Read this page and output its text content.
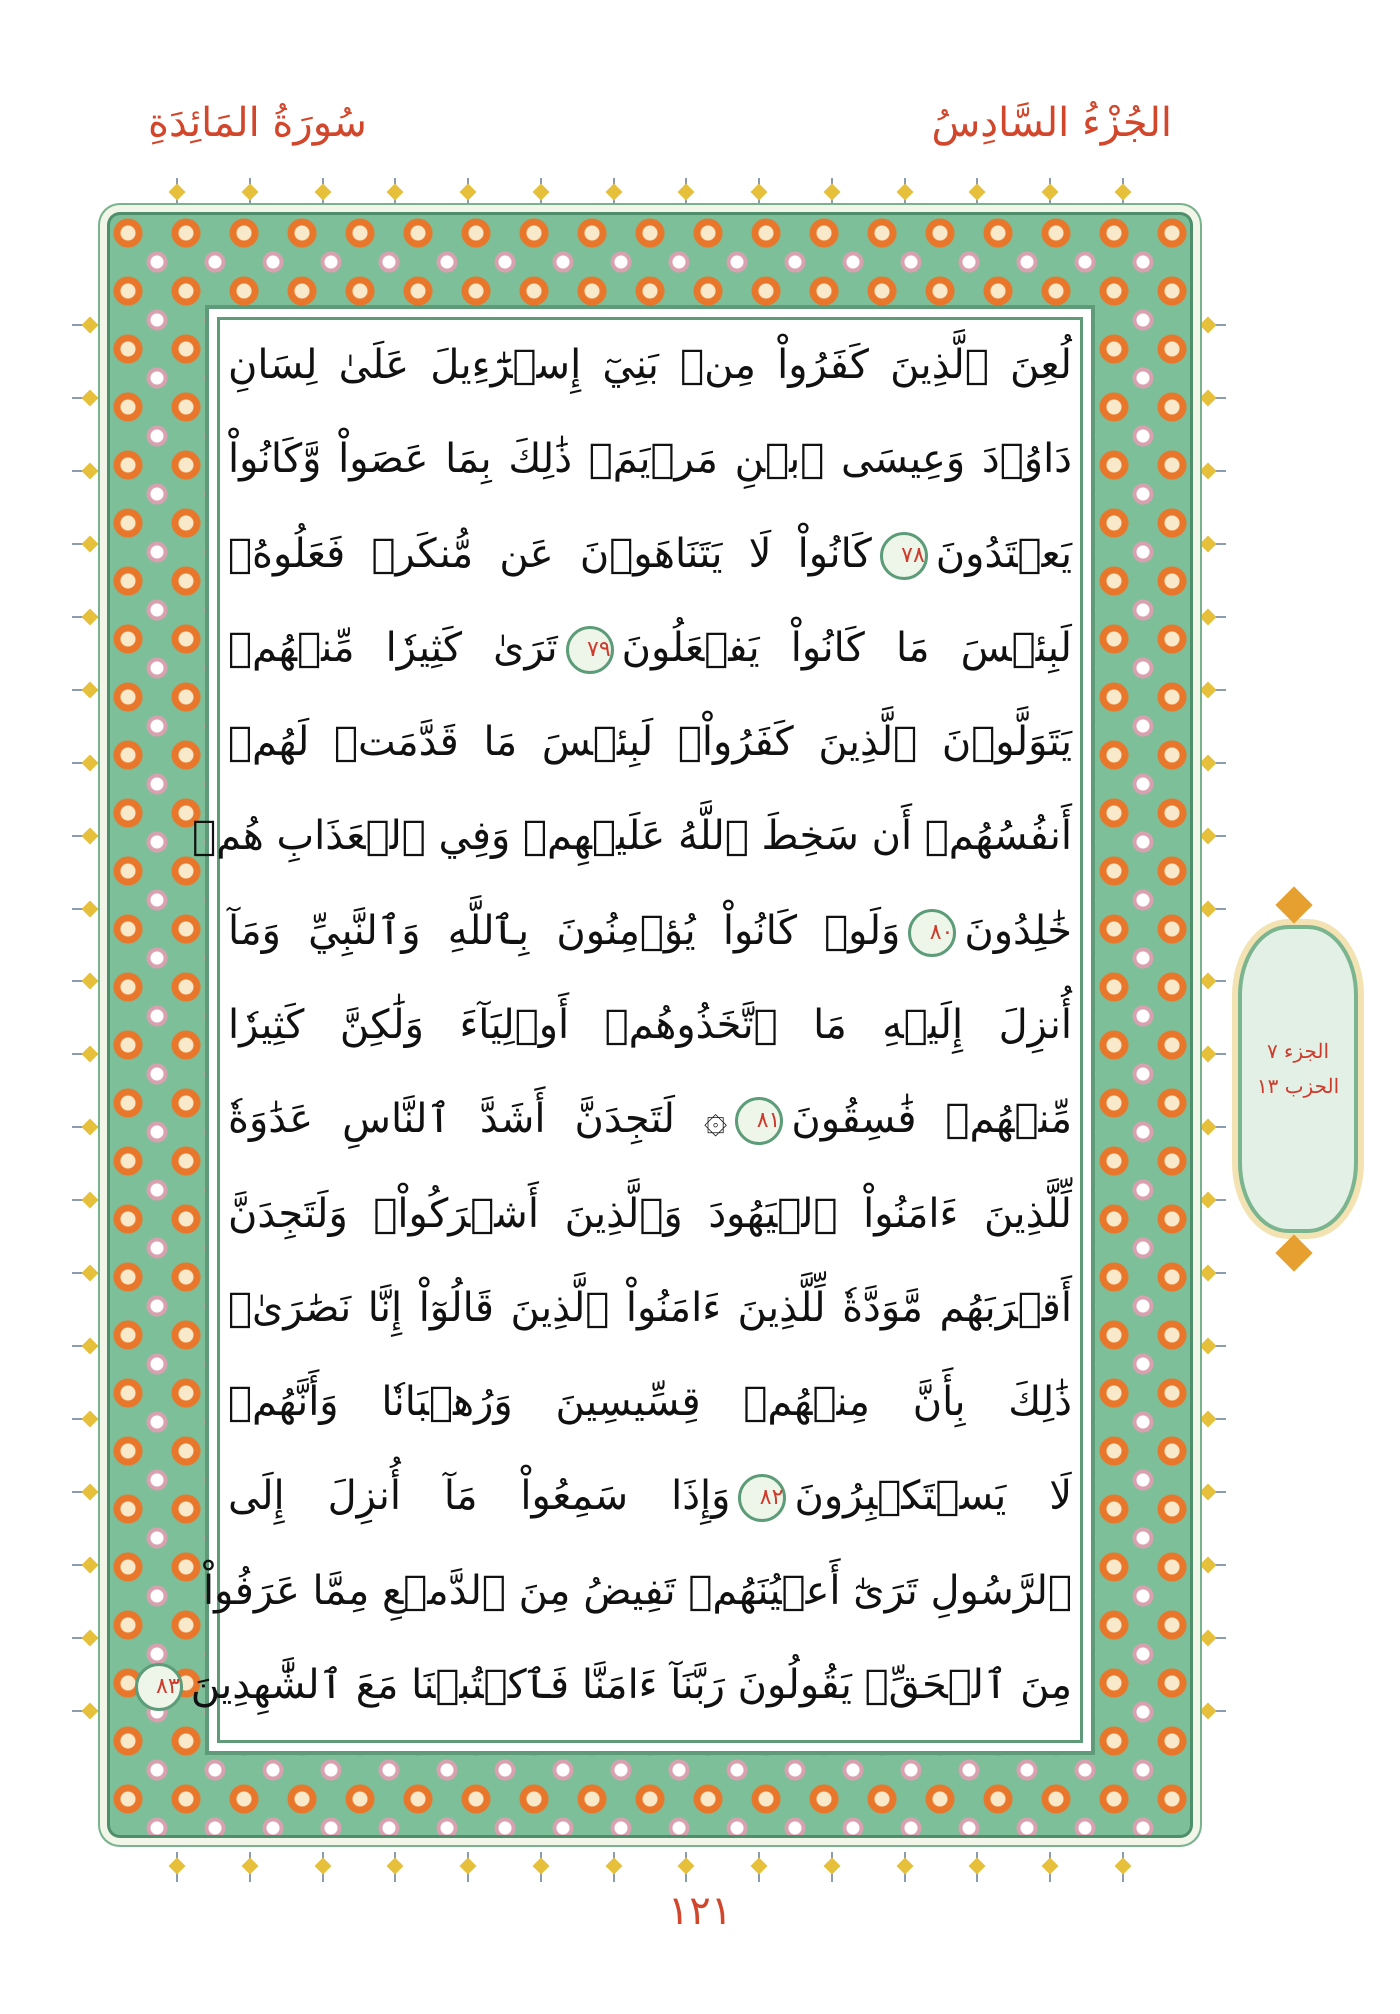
الجُزْءُ السَّادِسُ
سُورَةُ المَائِدَةِ
لُعِنَ ٱلَّذِينَ كَفَرُواْ مِنۢ بَنِيٓ إِسۡرَٰٓءِيلَ عَلَىٰ لِسَانِ
دَاوُۥدَ وَعِيسَى ٱبۡنِ مَرۡيَمَۚ ذَٰلِكَ بِمَا عَصَواْ وَّكَانُواْ
يَعۡتَدُونَ٧٨كَانُواْ لَا يَتَنَاهَوۡنَ عَن مُّنكَرٖ فَعَلُوهُۚ
لَبِئۡسَ مَا كَانُواْ يَفۡعَلُونَ٧٩تَرَىٰ كَثِيرٗا مِّنۡهُمۡ
يَتَوَلَّوۡنَ ٱلَّذِينَ كَفَرُواْۚ لَبِئۡسَ مَا قَدَّمَتۡ لَهُمۡ
أَنفُسُهُمۡ أَن سَخِطَ ٱللَّهُ عَلَيۡهِمۡ وَفِي ٱلۡعَذَابِ هُمۡ
خَٰلِدُونَ٨٠وَلَوۡ كَانُواْ يُؤۡمِنُونَ بِٱللَّهِ وَٱلنَّبِيِّ وَمَآ
أُنزِلَ إِلَيۡهِ مَا ٱتَّخَذُوهُمۡ أَوۡلِيَآءَ وَلَٰكِنَّ كَثِيرٗا
مِّنۡهُمۡ فَٰسِقُونَ٨١۞ لَتَجِدَنَّ أَشَدَّ ٱلنَّاسِ عَدَٰوَةٗ
لِّلَّذِينَ ءَامَنُواْ ٱلۡيَهُودَ وَٱلَّذِينَ أَشۡرَكُواْۖ وَلَتَجِدَنَّ
أَقۡرَبَهُم مَّوَدَّةٗ لِّلَّذِينَ ءَامَنُواْ ٱلَّذِينَ قَالُوٓاْ إِنَّا نَصَٰرَىٰۚ
ذَٰلِكَ بِأَنَّ مِنۡهُمۡ قِسِّيسِينَ وَرُهۡبَانٗا وَأَنَّهُمۡ
لَا يَسۡتَكۡبِرُونَ٨٢وَإِذَا سَمِعُواْ مَآ أُنزِلَ إِلَى
ٱلرَّسُولِ تَرَىٰٓ أَعۡيُنَهُمۡ تَفِيضُ مِنَ ٱلدَّمۡعِ مِمَّا عَرَفُواْ
مِنَ ٱلۡحَقِّۖ يَقُولُونَ رَبَّنَآ ءَامَنَّا فَٱكۡتُبۡنَا مَعَ ٱلشَّٰهِدِينَ٨٣
الجزء ٧
الحزب ١٣
١٢١
